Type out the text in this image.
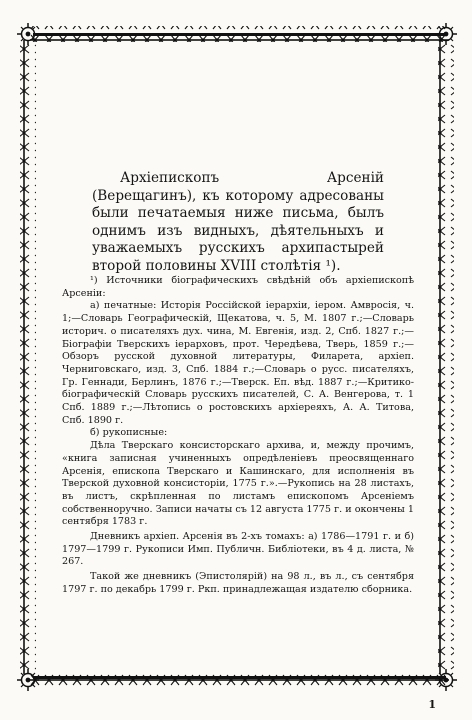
Архіепископъ Арсеній (Верещагинъ), къ которому адресованы были печатаемыя ниже письма, былъ однимъ изъ видныхъ, дѣятельныхъ и уважаемыхъ русскихъ архипастырей второй половины XVIII столѣтія ¹).

¹) Источники біографическихъ свѣдѣній объ архіепископѣ Арсеніи:

а) печатные: Исторія Россійской іерархіи, іером. Амвросія, ч. 1;—Словарь Географическій, Щекатова, ч. 5, М. 1807 г.;—Словарь историч. о писателяхъ дух. чина, М. Евгенія, изд. 2, Спб. 1827 г.;—Біографіи Тверскихъ іерарховъ, прот. Чередѣева, Тверь, 1859 г.;—Обзоръ русской духовной литературы, Филарета, архіеп. Черниговскаго, изд. 3, Спб. 1884 г.;—Словарь о русс. писателяхъ, Гр. Геннади, Берлинъ, 1876 г.;—Тверск. Еп. вѣд. 1887 г.;—Критико-біографическій Словарь русскихъ писателей, С. А. Венгерова, т. 1 Спб. 1889 г.;—Лѣтопись о ростовскихъ архіереяхъ, А. А. Титова, Спб. 1890 г.

б) рукописные:

Дѣла Тверскаго консисторскаго архива, и, между прочимъ, «книга записная учиненныхъ опредѣленіевъ преосвященнаго Арсенія, епископа Тверскаго и Кашинскаго, для исполненія въ Тверской духовной консисторіи, 1775 г.».—Рукопись на 28 листахъ, въ листъ, скрѣпленная по листамъ епископомъ Арсеніемъ собственноручно. Записи начаты съ 12 августа 1775 г. и окончены 1 сентября 1783 г.

Дневникъ архіеп. Арсенія въ 2-хъ томахъ: а) 1786—1791 г. и б) 1797—1799 г. Рукописи Имп. Публичн. Библіотеки, въ 4 д. листа, № 267.

Такой же дневникъ (Эпистолярій) на 98 л., въ л., съ сентября 1797 г. по декабрь 1799 г. Ркп. принадлежащая издателю сборника.

1
